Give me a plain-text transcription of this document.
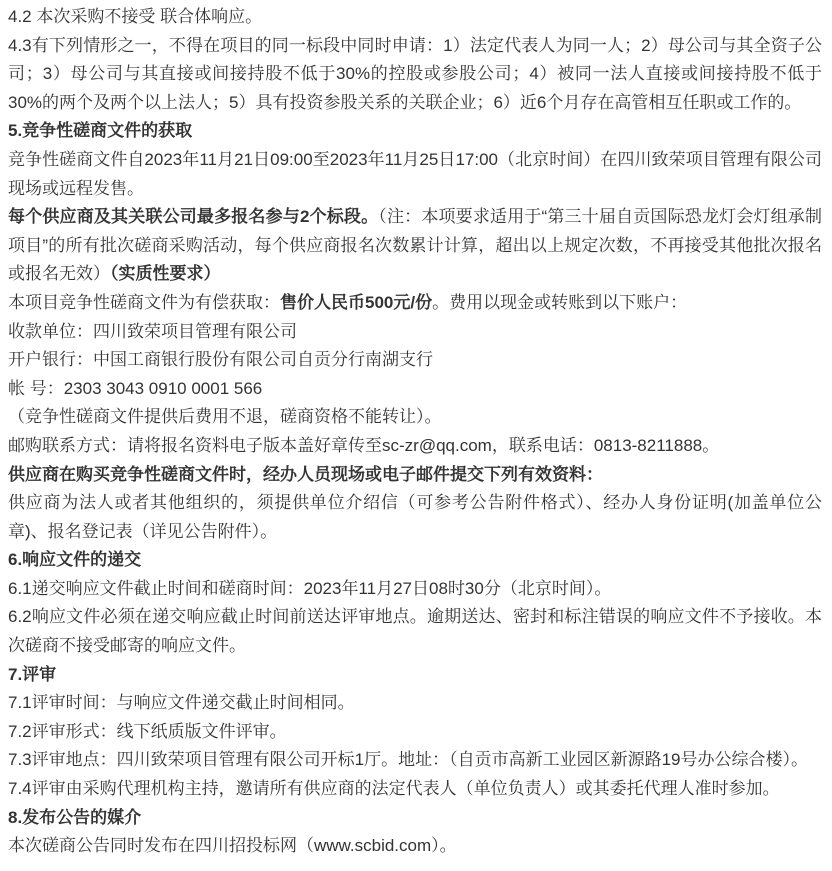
4.2 本次采购不接受 联合体响应。

4.3有下列情形之一，不得在项目的同一标段中同时申请：1）法定代表人为同一人；2）母公司与其全资子公司；3）母公司与其直接或间接持股不低于30%的控股或参股公司；4）被同一法人直接或间接持股不低于30%的两个及两个以上法人；5）具有投资参股关系的关联企业；6）近6个月存在高管相互任职或工作的。

5.竞争性磋商文件的获取

竞争性磋商文件自2023年11月21日09:00至2023年11月25日17:00（北京时间）在四川致荣项目管理有限公司现场或远程发售。

每个供应商及其关联公司最多报名参与2个标段。（注：本项要求适用于“第三十届自贡国际恐龙灯会灯组承制项目”的所有批次磋商采购活动，每个供应商报名次数累计计算，超出以上规定次数，不再接受其他批次报名或报名无效）（实质性要求）

本项目竞争性磋商文件为有偿获取：售价人民币500元/份。费用以现金或转账到以下账户：

收款单位：四川致荣项目管理有限公司

开户银行：中国工商银行股份有限公司自贡分行南湖支行

帐 号：2303 3043 0910 0001 566

（竞争性磋商文件提供后费用不退，磋商资格不能转让）。

邮购联系方式：请将报名资料电子版本盖好章传至sc-zr@qq.com，联系电话：0813-8211888。

供应商在购买竞争性磋商文件时，经办人员现场或电子邮件提交下列有效资料：

供应商为法人或者其他组织的，须提供单位介绍信（可参考公告附件格式）、经办人身份证明(加盖单位公章)、报名登记表（详见公告附件）。

6.响应文件的递交

6.1递交响应文件截止时间和磋商时间：2023年11月27日08时30分（北京时间）。

6.2响应文件必须在递交响应截止时间前送达评审地点。逾期送达、密封和标注错误的响应文件不予接收。本次磋商不接受邮寄的响应文件。

7.评审

7.1评审时间：与响应文件递交截止时间相同。

7.2评审形式：线下纸质版文件评审。

7.3评审地点：四川致荣项目管理有限公司开标1厅。地址：（自贡市高新工业园区新源路19号办公综合楼）。

7.4评审由采购代理机构主持，邀请所有供应商的法定代表人（单位负责人）或其委托代理人准时参加。

8.发布公告的媒介

本次磋商公告同时发布在四川招投标网（www.scbid.com）。
